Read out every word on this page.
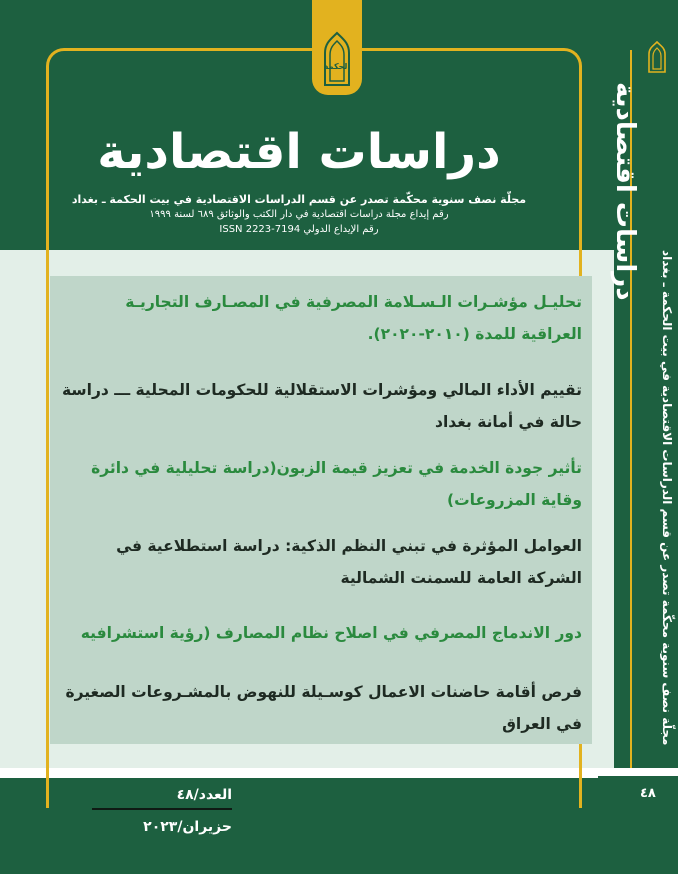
الحكمة
دراسات اقتصادية
مجلّة نصف سنوية محكّمة تصدر عن قسم الدراسات الاقتصادية في بيت الحكمة ـ بغداد
رقم إيداع مجلة دراسات اقتصادية في دار الكتب والوثائق ٦٨٩ لسنة ١٩٩٩
رقم الإيداع الدولي ISSN 2223-7194
تحليـل مؤشـرات الـسـلامة المصرفية في المصـارف التجاريـة العراقية للمدة (٢٠١٠-٢٠٢٠).
تقييم الأداء المالي ومؤشرات الاستقلالية للحكومات المحلية ـــ دراسة حالة في أمانة بغداد
تأثير جودة الخدمة في تعزيز قيمة الزبون(دراسة تحليلية في دائرة وقاية المزروعات)
العوامل المؤثرة في تبني النظم الذكية: دراسة استطلاعية في الشركة العامة للسمنت الشمالية
دور الاندماج المصرفي في اصلاح نظام المصارف (رؤية استشرافيه
فرص أقامة حاضنات الاعمال كوسـيلة للنهوض بالمشـروعات الصغيرة في العراق
العدد/٤٨
حزيران/٢٠٢٣
دراسات اقتصادية
مجلّة نصف سنوية محكّمة تصدر عن قسم الدراسات الاقتصادية في بيت الحكمة ـ بغداد
٤٨
